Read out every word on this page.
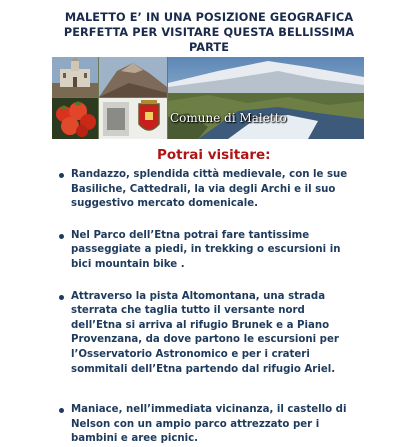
MALETTO E’ IN UNA POSIZIONE GEOGRAFICA
PERFETTA PER VISITARE QUESTA BELLISSIMA PARTE
Comune di Maletto
Potrai visitare:
Randazzo, splendida città medievale, con le sue Basiliche, Cattedrali, la via degli Archi e il suo suggestivo mercato domenicale.
Nel Parco dell’Etna potrai fare tantissime passeggiate a piedi, in trekking o escursioni in bici mountain bike .
Attraverso la pista Altomontana, una strada sterrata che taglia tutto il versante nord dell’Etna si arriva al rifugio Brunek e a Piano Provenzana, da dove partono le escursioni per l’Osservatorio Astronomico e per i crateri sommitali dell’Etna partendo dal rifugio Ariel.
Maniace, nell’immediata vicinanza, il castello di Nelson con un ampio parco attrezzato per i bambini e aree picnic.
